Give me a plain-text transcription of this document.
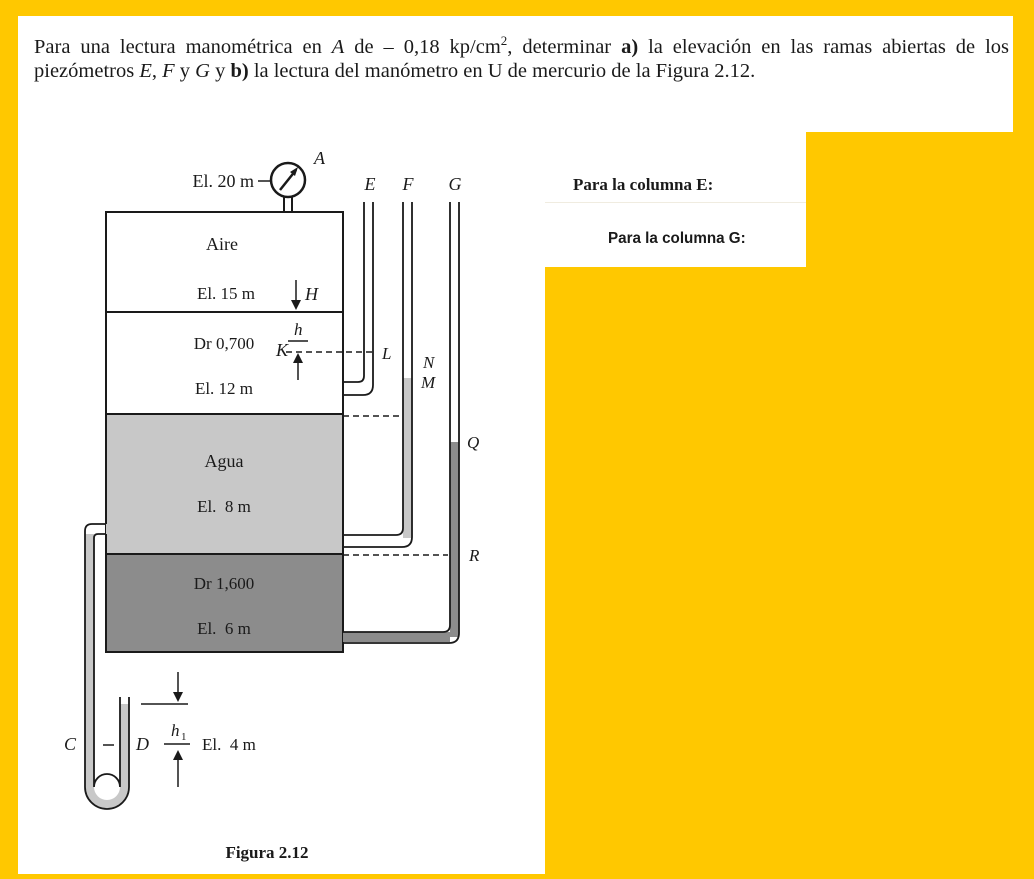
Para una lectura manométrica en A de – 0,18 $kp/cm^2$, determinar a) la elevación en las ramas abiertas de los piezómetros E, F y G y b) la lectura del manómetro en U de mercurio de la Figura 2.12.
A
El. 20 m	E F G
Aire
El. 15 m	H
Dr 0,700 K
h
L N
M
El. 12 m
Q
Agua
El.  8 m
R
Dr 1,600
El.  6 m
C	D
h 1 El.  4 m
Figura 2.12
Para la columna E:
Para la columna G:
